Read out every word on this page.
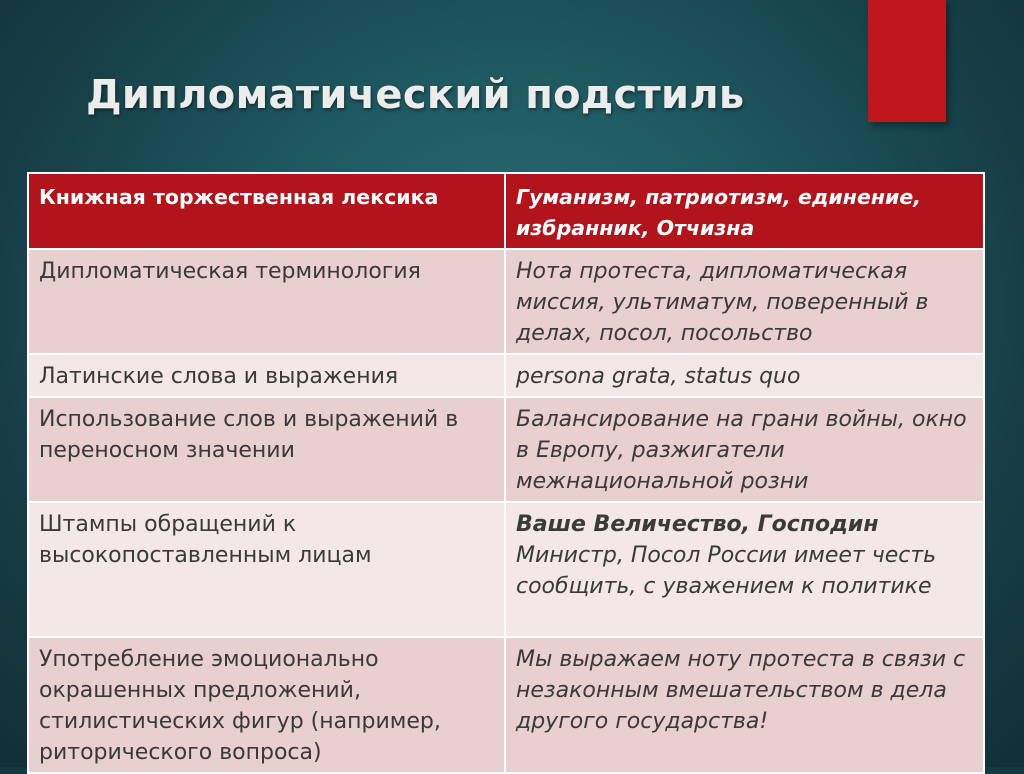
Дипломатический подстиль
Книжная торжественная лексика	Гуманизм, патриотизм, единение, избранник, Отчизна
Дипломатическая терминология	Нота протеста, дипломатическая миссия, ультиматум, поверенный в делах, посол, посольство
Латинские слова и выражения	persona grata, status quo
Использование слов и выражений в переносном значении	Балансирование на грани войны, окно в Европу, разжигатели межнациональной розни
Штампы обращений к высокопоставленным лицам	Ваше Величество, Господин Министр, Посол России имеет честь сообщить, с уважением к политике
Употребление эмоционально окрашенных предложений, стилистических фигур (например, риторического вопроса)	Мы выражаем ноту протеста в связи с незаконным вмешательством в дела другого государства!
